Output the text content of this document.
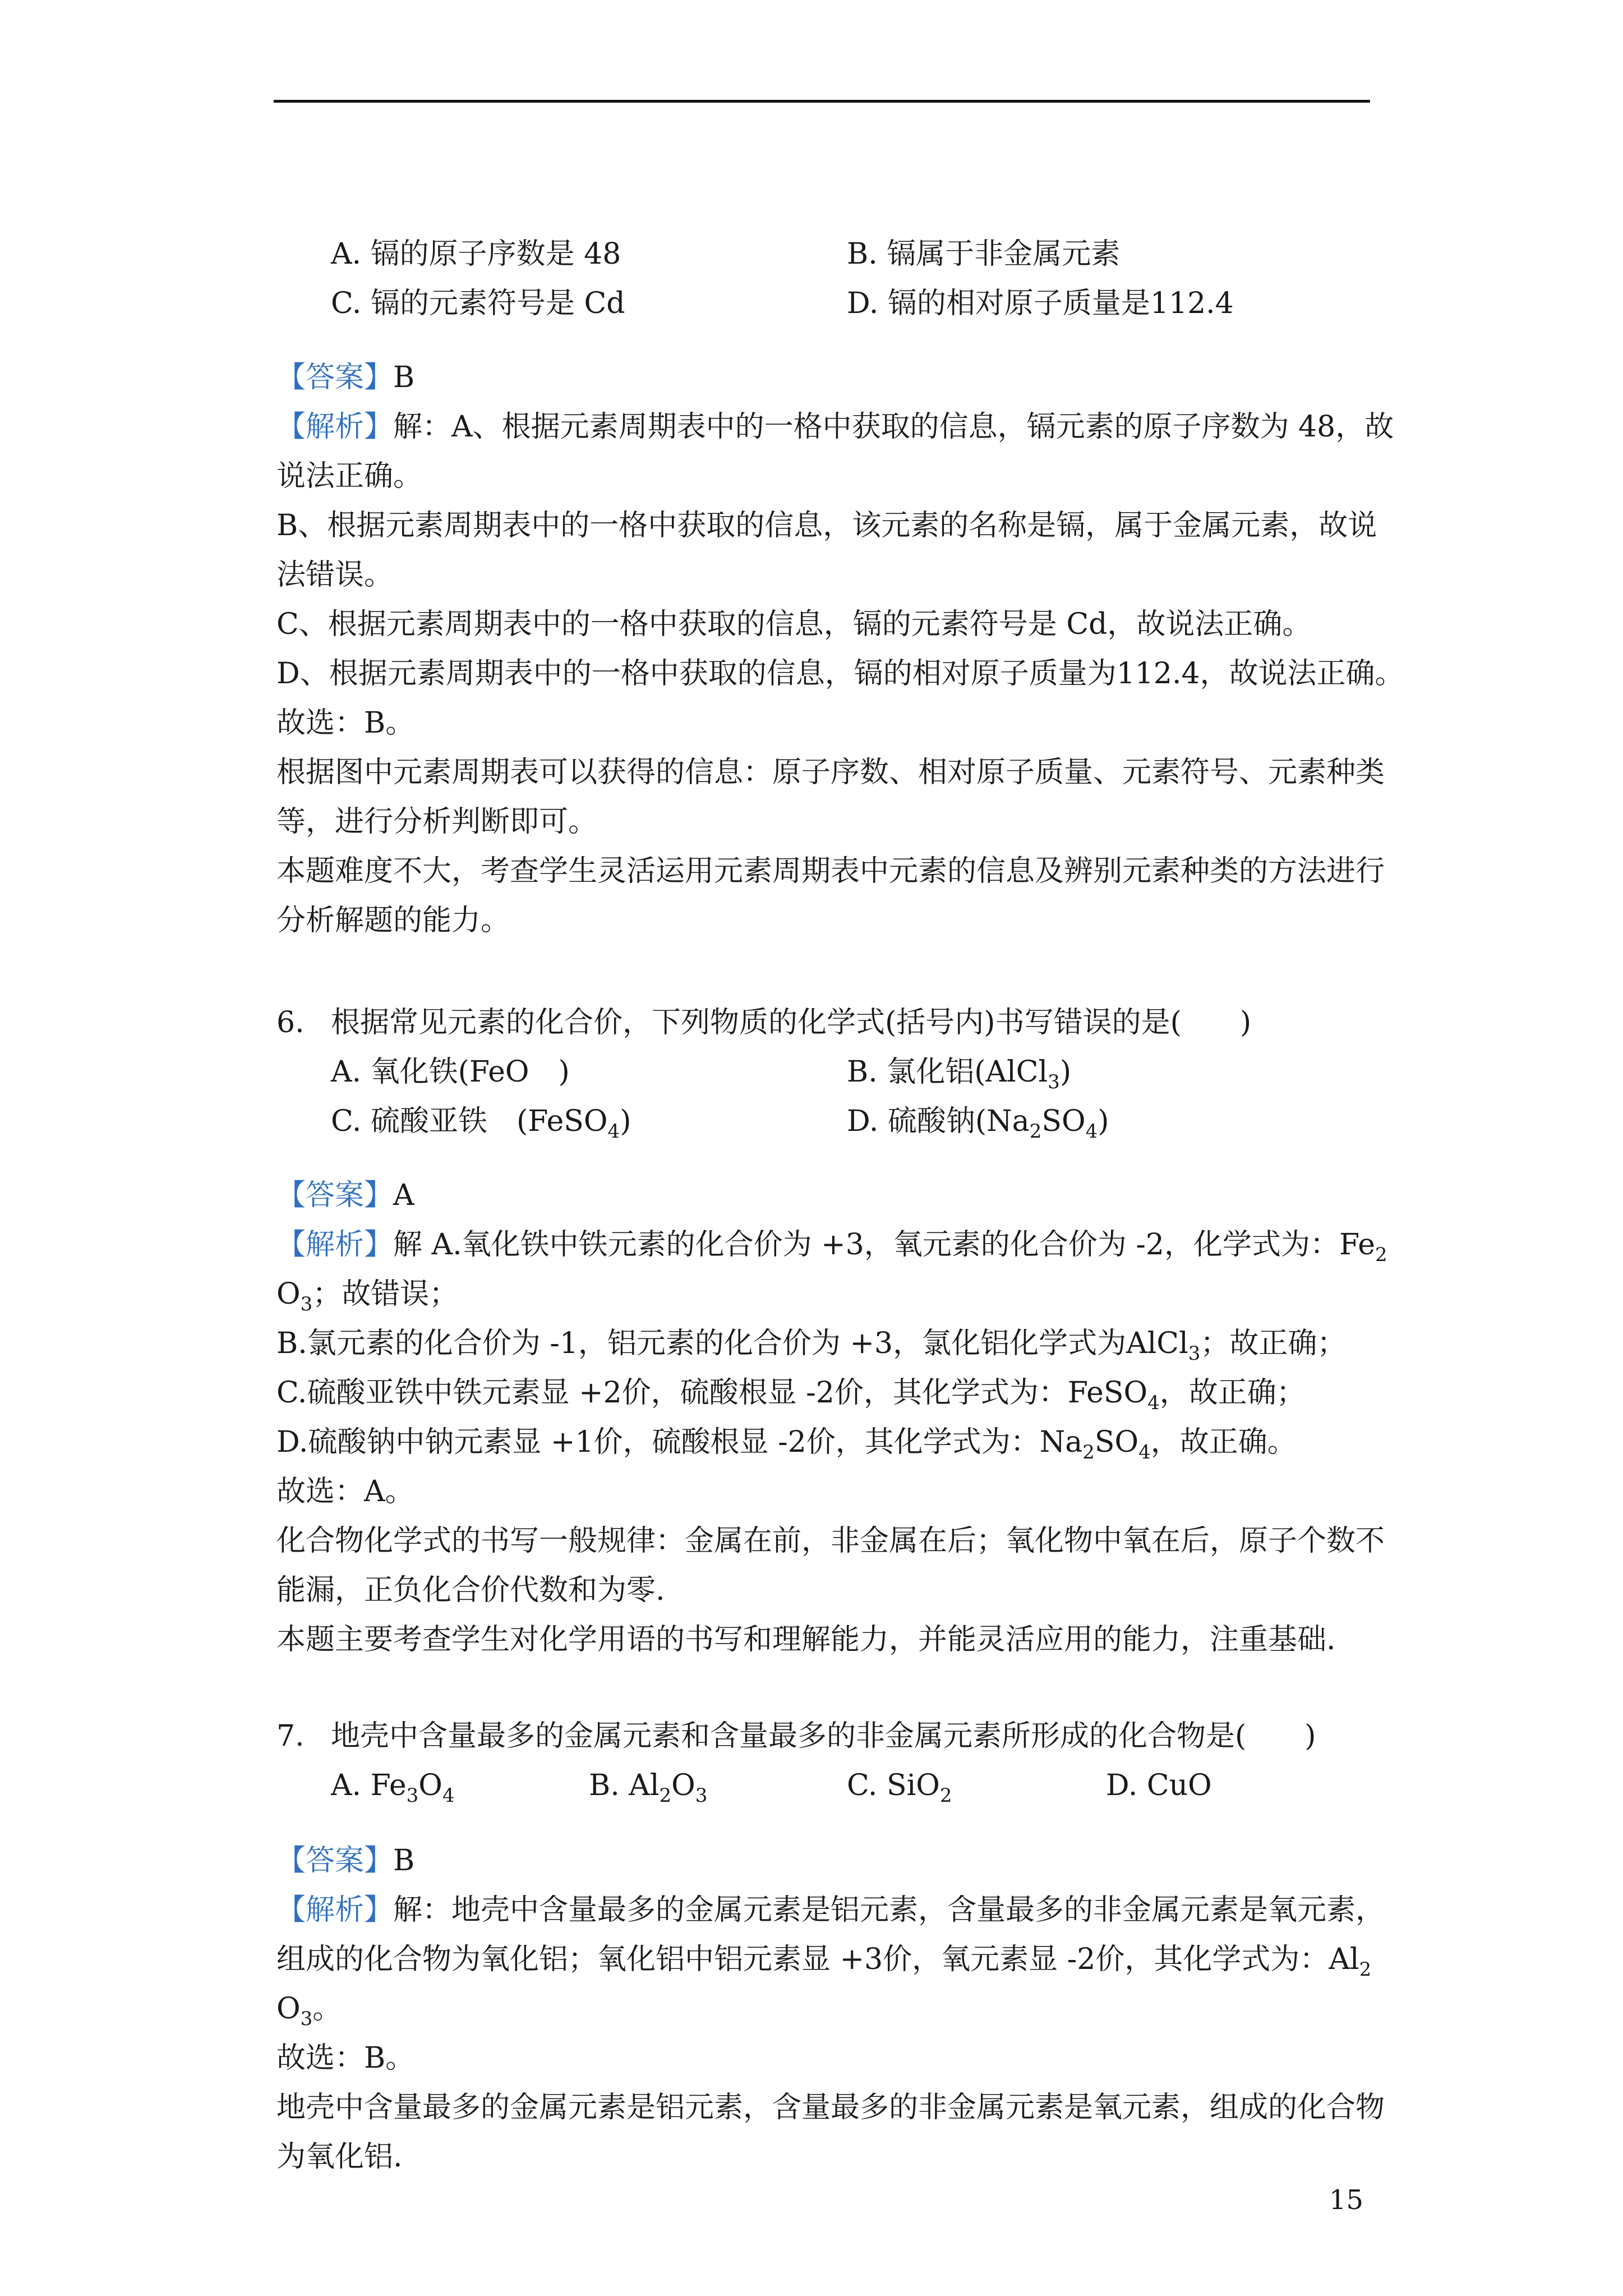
A. 镉的原子序数是 48	B. 镉属于非金属元素
C. 镉的元素符号是 Cd	D. 镉的相对原子质量是112.4
【答案】B
【解析】解：A、根据元素周期表中的一格中获取的信息，镉元素的原子序数为 48，故
说法正确。
B、根据元素周期表中的一格中获取的信息，该元素的名称是镉，属于金属元素，故说
法错误。
C、根据元素周期表中的一格中获取的信息，镉的元素符号是 Cd，故说法正确。
D、根据元素周期表中的一格中获取的信息，镉的相对原子质量为112.4，故说法正确。
故选：B。
根据图中元素周期表可以获得的信息：原子序数、相对原子质量、元素符号、元素种类
等，进行分析判断即可。
本题难度不大，考查学生灵活运用元素周期表中元素的信息及辨别元素种类的方法进行
分析解题的能力。
6. 根据常见元素的化合价，下列物质的化学式(括号内)书写错误的是(　　)
A. 氧化铁(FeO　)	B. 氯化铝(AlCl$_3$)
C. 硫酸亚铁　(FeSO$_4$)	D. 硫酸钠$(Na_2SO_4)$
【答案】A
【解析】解 A.氧化铁中铁元素的化合价为 +3，氧元素的化合价为 -2，化学式为：$Fe_2$
$O_3$；故错误；
B.氯元素的化合价为 -1，铝元素的化合价为 +3，氯化铝化学式为AlCl$_3$；故正确；
C.硫酸亚铁中铁元素显 +2价，硫酸根显 -2价，其化学式为：FeSO$_4$，故正确；
D.硫酸钠中钠元素显 +1价，硫酸根显 -2价，其化学式为：$Na_2SO_4$，故正确。
故选：A。
化合物化学式的书写一般规律：金属在前，非金属在后；氧化物中氧在后，原子个数不
能漏，正负化合价代数和为零.
本题主要考查学生对化学用语的书写和理解能力，并能灵活应用的能力，注重基础.
7. 地壳中含量最多的金属元素和含量最多的非金属元素所形成的化合物是(　　)
A. $Fe_3O_4$	B. $Al_2O_3$	C. SiO$_2$	D. CuO
【答案】B
【解析】解：地壳中含量最多的金属元素是铝元素，含量最多的非金属元素是氧元素，
组成的化合物为氧化铝；氧化铝中铝元素显 +3价，氧元素显 -2价，其化学式为：$Al_2$
$O_3$。
故选：B。
地壳中含量最多的金属元素是铝元素，含量最多的非金属元素是氧元素，组成的化合物
为氧化铝.
15
